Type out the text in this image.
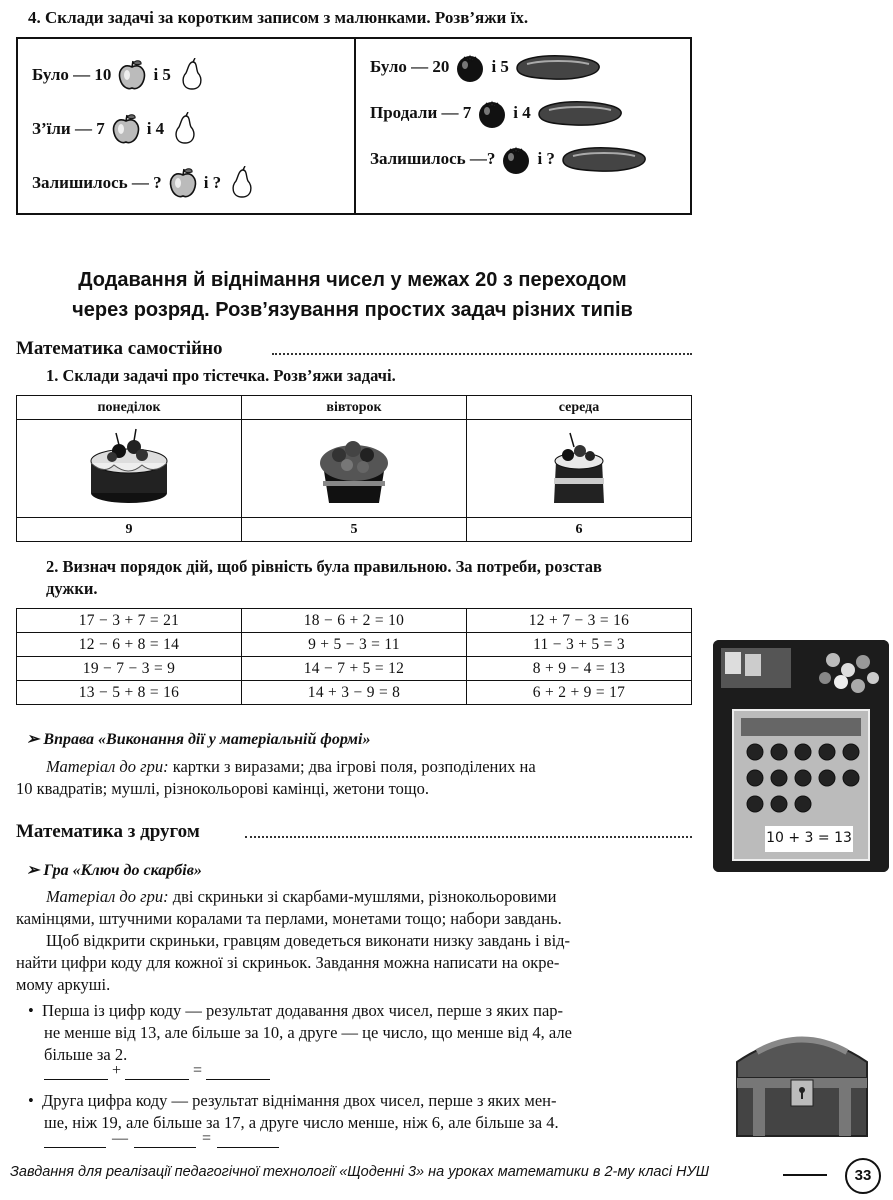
4. Склади задачі за коротким записом з малюнками. Розв’яжи їх.
Було — 10 і 5
З’їли — 7 і 4
Залишилось — ? і ?
Було — 20 і 5
Продали — 7 і 4
Залишилось —? і ?
Додавання й віднімання чисел у межах 20 з переходом
через розряд. Розв’язування простих задач різних типів
Математика самостійно
1. Склади задачі про тістечка. Розв’яжи задачі.
понеділок	вівторок	середа

9	5	6
2. Визнач порядок дій, щоб рівність була правильною. За потреби, розстав
дужки.
17 − 3 + 7 = 21	18 − 6 + 2 = 10	12 + 7 − 3 = 16
12 − 6 + 8 = 14	9 + 5 − 3 = 11	11 − 3 + 5 = 3
19 − 7 − 3 = 9	14 − 7 + 5 = 12	8 + 9 − 4 = 13
13 − 5 + 8 = 16	14 + 3 − 9 = 8	6 + 2 + 9 = 17
➢ Вправа «Виконання дії у матеріальній формі»
Матеріал до гри: картки з виразами; два ігрові поля, розподілених на
10 квадратів; мушлі, різнокольорові камінці, жетони тощо.
10 + 3 = 13
Математика з другом
➢ Гра «Ключ до скарбів»
Матеріал до гри: дві скриньки зі скарбами-мушлями, різнокольоровими
камінцями, штучними коралами та перлами, монетами тощо; набори завдань.
Щоб відкрити скриньки, гравцям доведеться виконати низку завдань і від-
найти цифри коду для кожної зі скриньок. Завдання можна написати на окре-
мому аркуші.
•  Перша із цифр коду — результат додавання двох чисел, перше з яких пар-
не менше від 13, але більше за 10, а друге — це число, що менше від 4, але
більше за 2.
+	=
•  Друга цифра коду — результат віднімання двох чисел, перше з яких мен-
ше, ніж 19, але більше за 17, а друге число менше, ніж 6, але більше за 4.
—	=
Завдання для реалізації педагогічної технології «Щоденні 3» на уроках математики в 2-му класі НУШ	33
